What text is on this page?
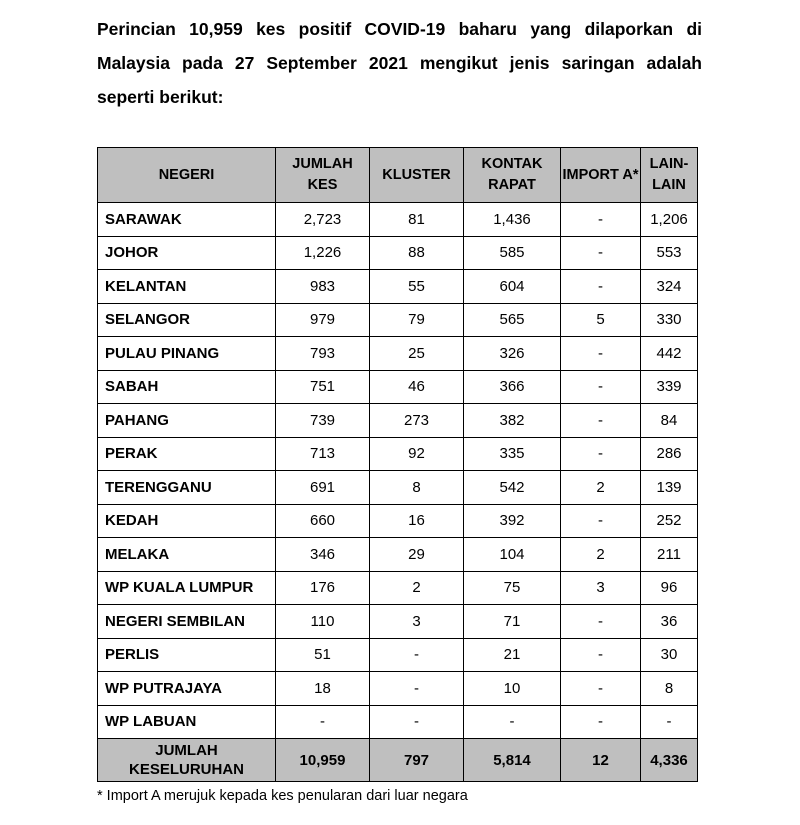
Perincian 10,959 kes positif COVID-19 baharu yang dilaporkan di Malaysia pada 27 September 2021 mengikut jenis saringan adalah seperti berikut:

NEGERI	JUMLAH KES	KLUSTER	KONTAK RAPAT	IMPORT A*	LAIN-LAIN
SARAWAK	2,723	81	1,436	-	1,206
JOHOR	1,226	88	585	-	553
KELANTAN	983	55	604	-	324
SELANGOR	979	79	565	5	330
PULAU PINANG	793	25	326	-	442
SABAH	751	46	366	-	339
PAHANG	739	273	382	-	84
PERAK	713	92	335	-	286
TERENGGANU	691	8	542	2	139
KEDAH	660	16	392	-	252
MELAKA	346	29	104	2	211
WP KUALA LUMPUR	176	2	75	3	96
NEGERI SEMBILAN	110	3	71	-	36
PERLIS	51	-	21	-	30
WP PUTRAJAYA	18	-	10	-	8
WP LABUAN	-	-	-	-	-
JUMLAH KESELURUHAN	10,959	797	5,814	12	4,336

* Import A merujuk kepada kes penularan dari luar negara
